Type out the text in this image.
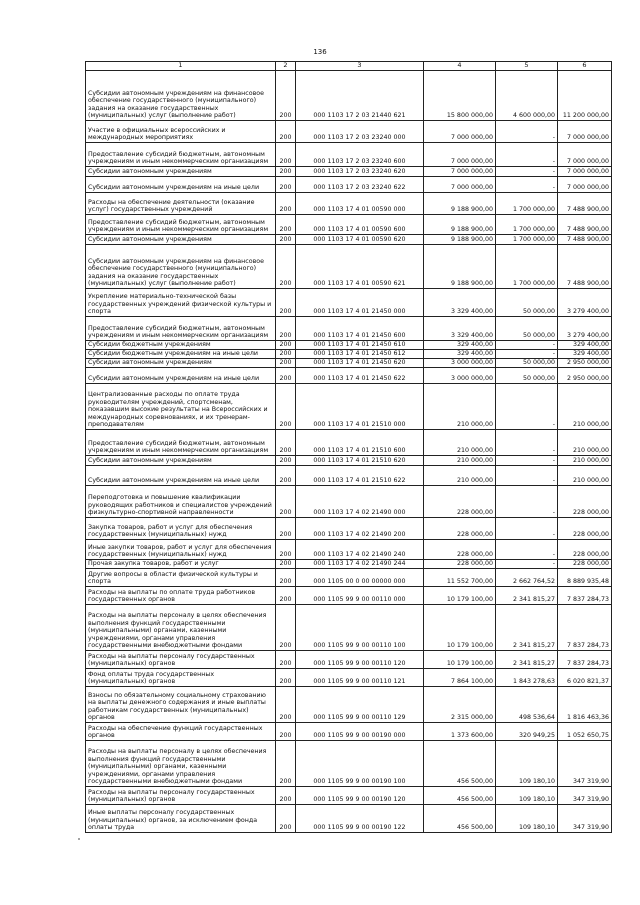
136
1	2	3	4	5	6
Субсидии автономным учреждениям на финансовое обеспечение государственного (муниципального) задания на оказание государственных (муниципальных) услуг (выполнение работ)	200	000 1103 17 2 03 21440 621	15 800 000,00	4 600 000,00	11 200 000,00
Участие в официальных всероссийских и международных мероприятиях	200	000 1103 17 2 03 23240 000	7 000 000,00	-	7 000 000,00
Предоставление субсидий бюджетным, автономным учреждениям и иным некоммерческим организациям	200	000 1103 17 2 03 23240 600	7 000 000,00	-	7 000 000,00
Субсидии автономным учреждениям	200	000 1103 17 2 03 23240 620	7 000 000,00	-	7 000 000,00
Субсидии автономным учреждениям на иные цели	200	000 1103 17 2 03 23240 622	7 000 000,00	-	7 000 000,00
Расходы на обеспечение деятельности (оказание услуг) государственных учреждений	200	000 1103 17 4 01 00590 000	9 188 900,00	1 700 000,00	7 488 900,00
Предоставление субсидий бюджетным, автономным учреждениям и иным некоммерческим организациям	200	000 1103 17 4 01 00590 600	9 188 900,00	1 700 000,00	7 488 900,00
Субсидии автономным учреждениям	200	000 1103 17 4 01 00590 620	9 188 900,00	1 700 000,00	7 488 900,00
Субсидии автономным учреждениям на финансовое обеспечение государственного (муниципального) задания на оказание государственных (муниципальных) услуг (выполнение работ)	200	000 1103 17 4 01 00590 621	9 188 900,00	1 700 000,00	7 488 900,00
Укрепление материально-технической базы государственных учреждений физической культуры и спорта	200	000 1103 17 4 01 21450 000	3 329 400,00	50 000,00	3 279 400,00
Предоставление субсидий бюджетным, автономным учреждениям и иным некоммерческим организациям	200	000 1103 17 4 01 21450 600	3 329 400,00	50 000,00	3 279 400,00
Субсидии бюджетным учреждениям	200	000 1103 17 4 01 21450 610	329 400,00	-	329 400,00
Субсидии бюджетным учреждениям на иные цели	200	000 1103 17 4 01 21450 612	329 400,00	-	329 400,00
Субсидии автономным учреждениям	200	000 1103 17 4 01 21450 620	3 000 000,00	50 000,00	2 950 000,00
Субсидии автономным учреждениям на иные цели	200	000 1103 17 4 01 21450 622	3 000 000,00	50 000,00	2 950 000,00
Централизованные расходы по оплате труда руководителям учреждений, спортсменам, показавшим высокие результаты на Всероссийских и международных соревнованиях, и их тренерам-преподавателям	200	000 1103 17 4 01 21510 000	210 000,00	-	210 000,00
Предоставление субсидий бюджетным, автономным учреждениям и иным некоммерческим организациям	200	000 1103 17 4 01 21510 600	210 000,00	-	210 000,00
Субсидии автономным учреждениям	200	000 1103 17 4 01 21510 620	210 000,00	-	210 000,00
Субсидии автономным учреждениям на иные цели	200	000 1103 17 4 01 21510 622	210 000,00	-	210 000,00
Переподготовка и повышение квалификации руководящих работников и специалистов учреждений физкультурно-спортивной направленности	200	000 1103 17 4 02 21490 000	228 000,00	-	228 000,00
Закупка товаров, работ и услуг для обеспечения государственных (муниципальных) нужд	200	000 1103 17 4 02 21490 200	228 000,00	-	228 000,00
Иные закупки товаров, работ и услуг для обеспечения государственных (муниципальных) нужд	200	000 1103 17 4 02 21490 240	228 000,00	-	228 000,00
Прочая закупка товаров, работ и услуг	200	000 1103 17 4 02 21490 244	228 000,00	-	228 000,00
Другие вопросы в области физической культуры и спорта	200	000 1105 00 0 00 00000 000	11 552 700,00	2 662 764,52	8 889 935,48
Расходы на выплаты по оплате труда работников государственных органов	200	000 1105 99 9 00 00110 000	10 179 100,00	2 341 815,27	7 837 284,73
Расходы на выплаты персоналу в целях обеспечения выполнения функций государственными (муниципальными) органами, казенными учреждениями, органами управления государственными внебюджетными фондами	200	000 1105 99 9 00 00110 100	10 179 100,00	2 341 815,27	7 837 284,73
Расходы на выплаты персоналу государственных (муниципальных) органов	200	000 1105 99 9 00 00110 120	10 179 100,00	2 341 815,27	7 837 284,73
Фонд оплаты труда государственных (муниципальных) органов	200	000 1105 99 9 00 00110 121	7 864 100,00	1 843 278,63	6 020 821,37
Взносы по обязательному социальному страхованию на выплаты денежного содержания и иные выплаты работникам государственных (муниципальных) органов	200	000 1105 99 9 00 00110 129	2 315 000,00	498 536,64	1 816 463,36
Расходы на обеспечение функций государственных органов	200	000 1105 99 9 00 00190 000	1 373 600,00	320 949,25	1 052 650,75
Расходы на выплаты персоналу в целях обеспечения выполнения функций государственными (муниципальными) органами, казенными учреждениями, органами управления государственными внебюджетными фондами	200	000 1105 99 9 00 00190 100	456 500,00	109 180,10	347 319,90
Расходы на выплаты персоналу государственных (муниципальных) органов	200	000 1105 99 9 00 00190 120	456 500,00	109 180,10	347 319,90
Иные выплаты персоналу государственных (муниципальных) органов, за исключением фонда оплаты труда	200	000 1105 99 9 00 00190 122	456 500,00	109 180,10	347 319,90
